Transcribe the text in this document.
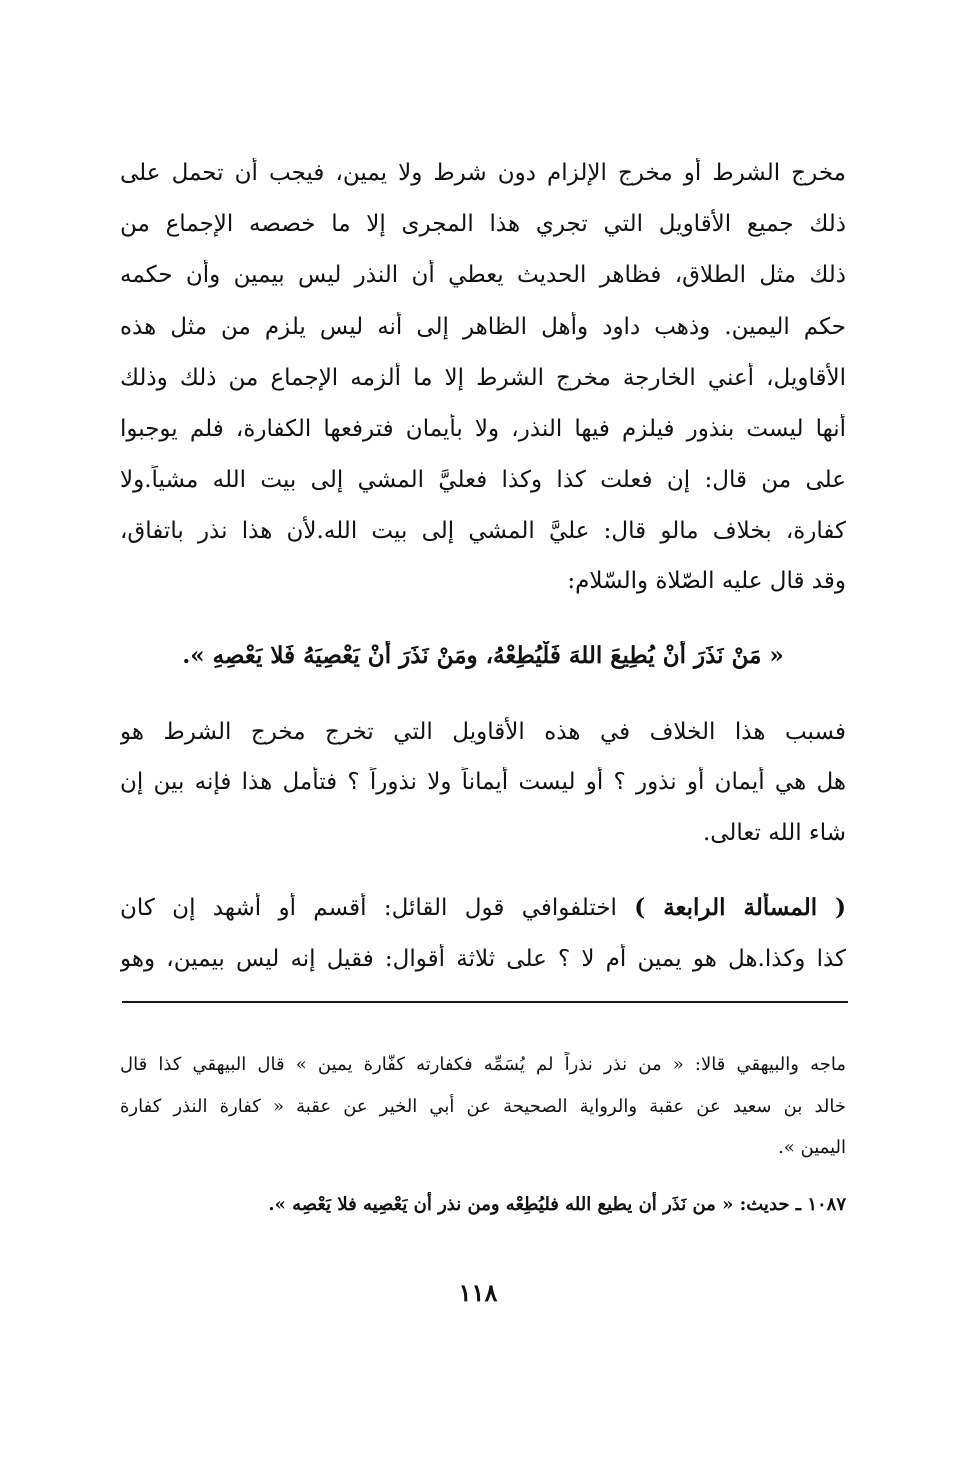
مخرج الشرط أو مخرج الإلزام دون شرط ولا يمين، فيجب أن تحمل على
ذلك جميع الأقاويل التي تجري هذا المجرى إلا ما خصصه الإجماع من
ذلك مثل الطلاق، فظاهر الحديث يعطي أن النذر ليس بيمين وأن حكمه
حكم اليمين. وذهب داود وأهل الظاهر إلى أنه ليس يلزم من مثل هذه
الأقاويل، أعني الخارجة مخرج الشرط إلا ما ألزمه الإجماع من ذلك وذلك
أنها ليست بنذور فيلزم فيها النذر، ولا بأيمان فترفعها الكفارة، فلم يوجبوا
على من قال: إن فعلت كذا وكذا فعليَّ المشي إلى بيت الله مشياً.ولا
كفارة، بخلاف مالو قال: عليَّ المشي إلى بيت الله.لأن هذا نذر باتفاق،
وقد قال عليه الصّلاة والسّلام:
« مَنْ نَذَرَ أنْ يُطِيعَ اللهَ فَلْيُطِعْهُ، ومَنْ نَذَرَ أنْ يَعْصِيَهُ فَلا يَعْصِهِ ».
فسبب هذا الخلاف في هذه الأقاويل التي تخرج مخرج الشرط هو
هل هي أيمان أو نذور ؟ أو ليست أيماناً ولا نذوراً ؟ فتأمل هذا فإنه بين إن
شاء الله تعالى.
( المسألة الرابعة ) اختلفوافي قول القائل: أقسم أو أشهد إن كان
كذا وكذا.هل هو يمين أم لا ؟ على ثلاثة أقوال: فقيل إنه ليس بيمين، وهو
ماجه والبيهقي قالا: « من نذر نذراً لم يُسَمِّه فكفارته كفّارة يمين » قال البيهقي كذا قال
خالد بن سعيد عن عقبة والرواية الصحيحة عن أبي الخير عن عقبة « كفارة النذر كفارة
اليمين ».
١٠٨٧ ـ حديث: « من نَذَر أن يطيع الله فليُطِعْه ومن نذر أن يَعْصِيه فلا يَعْصِه ».
١١٨
